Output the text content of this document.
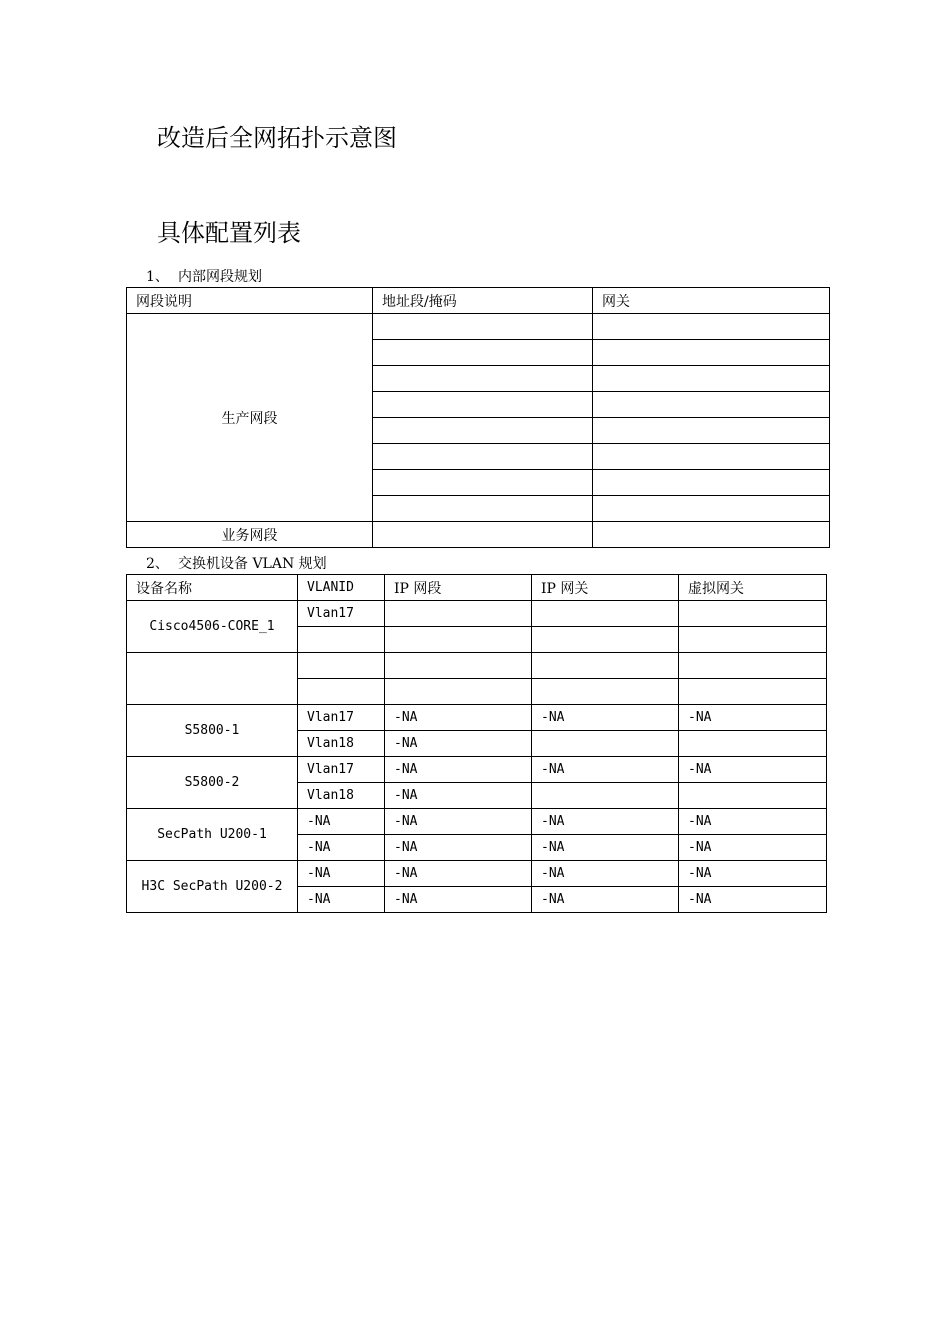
改造后全网拓扑示意图
具体配置列表
1、 内部网段规划
网段说明	地址段/掩码	网关
生产网段		

业务网段		
2、 交换机设备 VLAN 规划
设备名称	VLANID	IP 网段	IP 网关	虚拟网关
Cisco4506-CORE_1	Vlan17			

S5800-1	Vlan17	-NA	-NA	-NA
	Vlan18	-NA		
S5800-2	Vlan17	-NA	-NA	-NA
	Vlan18	-NA		
SecPath U200-1	-NA	-NA	-NA	-NA
	-NA	-NA	-NA	-NA
H3C SecPath U200-2	-NA	-NA	-NA	-NA
	-NA	-NA	-NA	-NA
